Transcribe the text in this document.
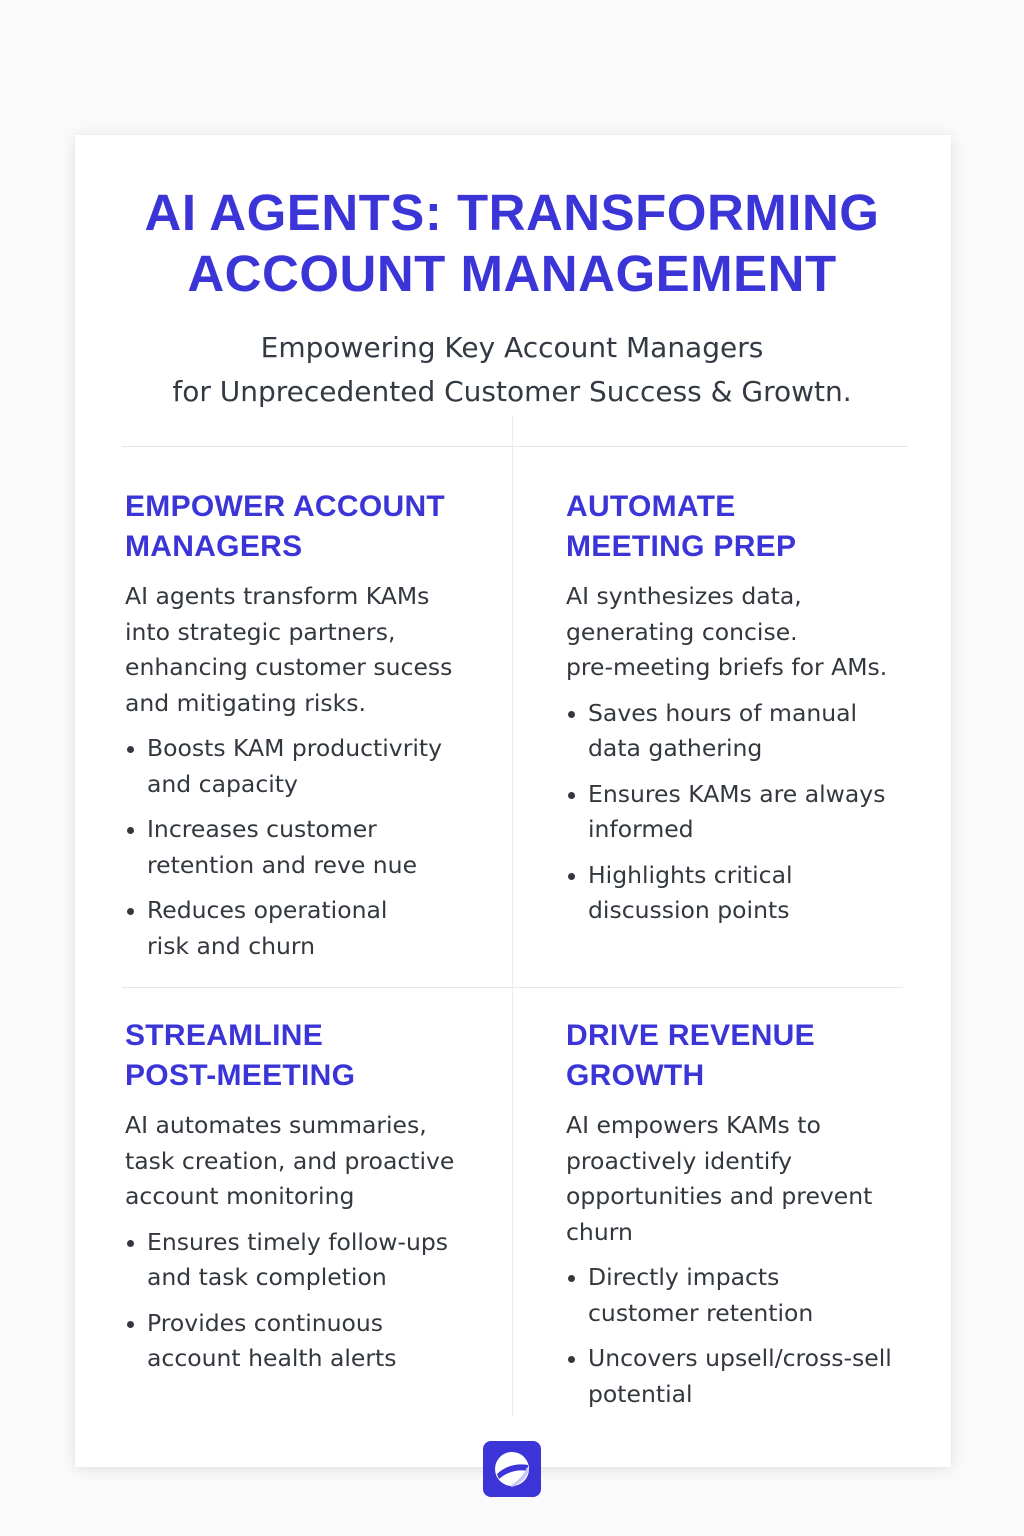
AI AGENTS: TRANSFORMING
ACCOUNT MANAGEMENT

Empowering Key Account Managers
for Unprecedented Customer Success & Growtn.

EMPOWER ACCOUNT
MANAGERS

AI agents transform KAMs
into strategic partners,
enhancing customer sucess
and mitigating risks.

Boosts KAM productivrity
and capacity
Increases customer
retention and reve nue
Reduces operational
risk and churn
AUTOMATE
MEETING PREP

AI synthesizes data,
generating concise.
pre-meeting briefs for AMs.

Saves hours of manual
data gathering
Ensures KAMs are always
informed
Highlights critical
discussion points
STREAMLINE
POST-MEETING

AI automates summaries,
task creation, and proactive
account monitoring

Ensures timely follow-ups
and task completion
Provides continuous
account health alerts
DRIVE REVENUE
GROWTH

AI empowers KAMs to
proactively identify
opportunities and prevent
churn

Directly impacts
customer retention
Uncovers upsell/cross-sell
potential
